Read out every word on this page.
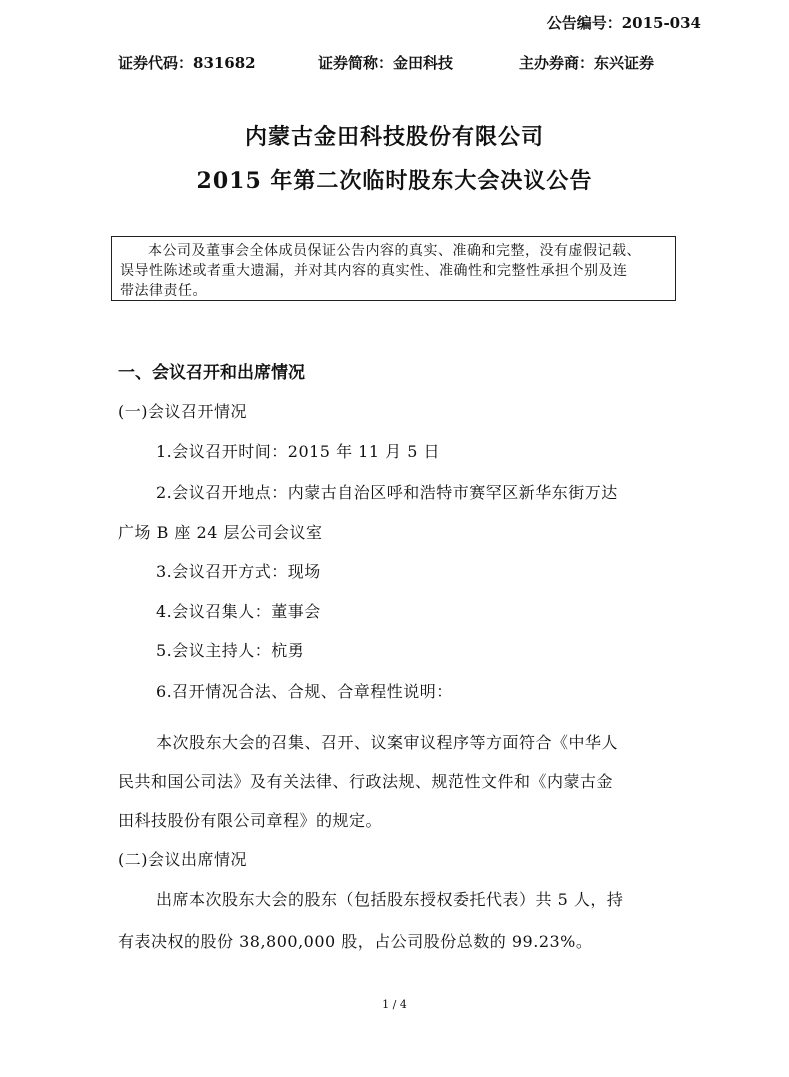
公告编号：2015-034
证券代码：831682	证券简称：金田科技	主办券商：东兴证券
内蒙古金田科技股份有限公司
2015 年第二次临时股东大会决议公告
本公司及董事会全体成员保证公告内容的真实、准确和完整，没有虚假记载、
误导性陈述或者重大遗漏，并对其内容的真实性、准确性和完整性承担个别及连
带法律责任。
一、会议召开和出席情况
(一)会议召开情况
1.会议召开时间：2015 年 11 月 5 日
2.会议召开地点：内蒙古自治区呼和浩特市赛罕区新华东街万达
广场 B 座 24 层公司会议室
3.会议召开方式：现场
4.会议召集人：董事会
5.会议主持人：杭勇
6.召开情况合法、合规、合章程性说明：
本次股东大会的召集、召开、议案审议程序等方面符合《中华人
民共和国公司法》及有关法律、行政法规、规范性文件和《内蒙古金
田科技股份有限公司章程》的规定。
(二)会议出席情况
出席本次股东大会的股东（包括股东授权委托代表）共 5 人，持
有表决权的股份 38,800,000 股，占公司股份总数的 99.23%。
1 / 4
